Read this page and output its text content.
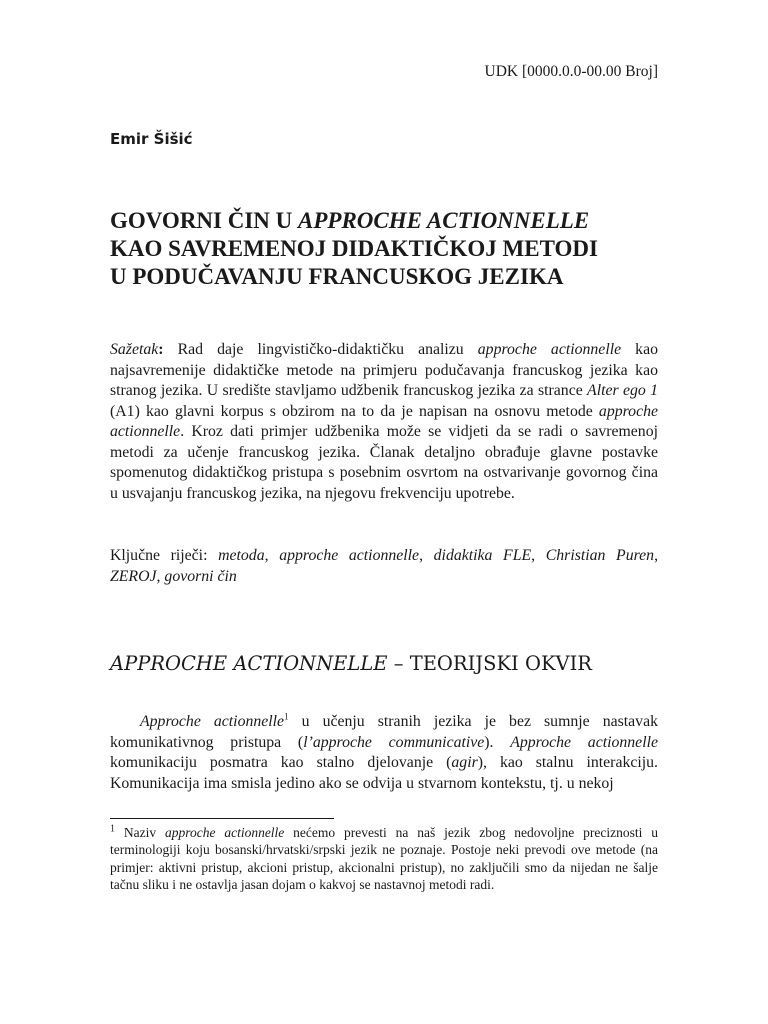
UDK [0000.0.0-00.00 Broj]
Emir Šišić
GOVORNI ČIN U APPROCHE ACTIONNELLE
KAO SAVREMENOJ DIDAKTIČKOJ METODI
U PODUČAVANJU FRANCUSKOG JEZIKA

Sažetak: Rad daje lingvističko-didaktičku analizu approche actionnelle kao najsavremenije didaktičke metode na primjeru podučavanja francuskog jezika kao stranog jezika. U središte stavljamo udžbenik francuskog jezika za strance Alter ego 1 (A1) kao glavni korpus s obzirom na to da je napisan na osnovu metode approche actionnelle. Kroz dati primjer udžbenika može se vidjeti da se radi o savremenoj metodi za učenje francuskog jezika. Članak detaljno obrađuje glavne postavke spomenutog didaktičkog pristupa s posebnim osvrtom na ostvarivanje govornog čina u usvajanju francuskog jezika, na njegovu frekvenciju upotrebe.

Ključne riječi: metoda, approche actionnelle, didaktika FLE, Christian Puren, ZEROJ, govorni čin

APPROCHE ACTIONNELLE – TEORIJSKI OKVIR

Approche actionnelle$^1$ u učenju stranih jezika je bez sumnje nastavak komunikativnog pristupa (l’approche communicative). Approche actionnelle komunikaciju posmatra kao stalno djelovanje (agir), kao stalnu interakciju. Komunikacija ima smisla jedino ako se odvija u stvarnom kontekstu, tj. u nekoj

$^1$ Naziv approche actionnelle nećemo prevesti na naš jezik zbog nedovoljne preciznosti u terminologiji koju bosanski/hrvatski/srpski jezik ne poznaje. Postoje neki prevodi ove metode (na primjer: aktivni pristup, akcioni pristup, akcionalni pristup), no zaključili smo da nijedan ne šalje tačnu sliku i ne ostavlja jasan dojam o kakvoj se nastavnoj metodi radi.
